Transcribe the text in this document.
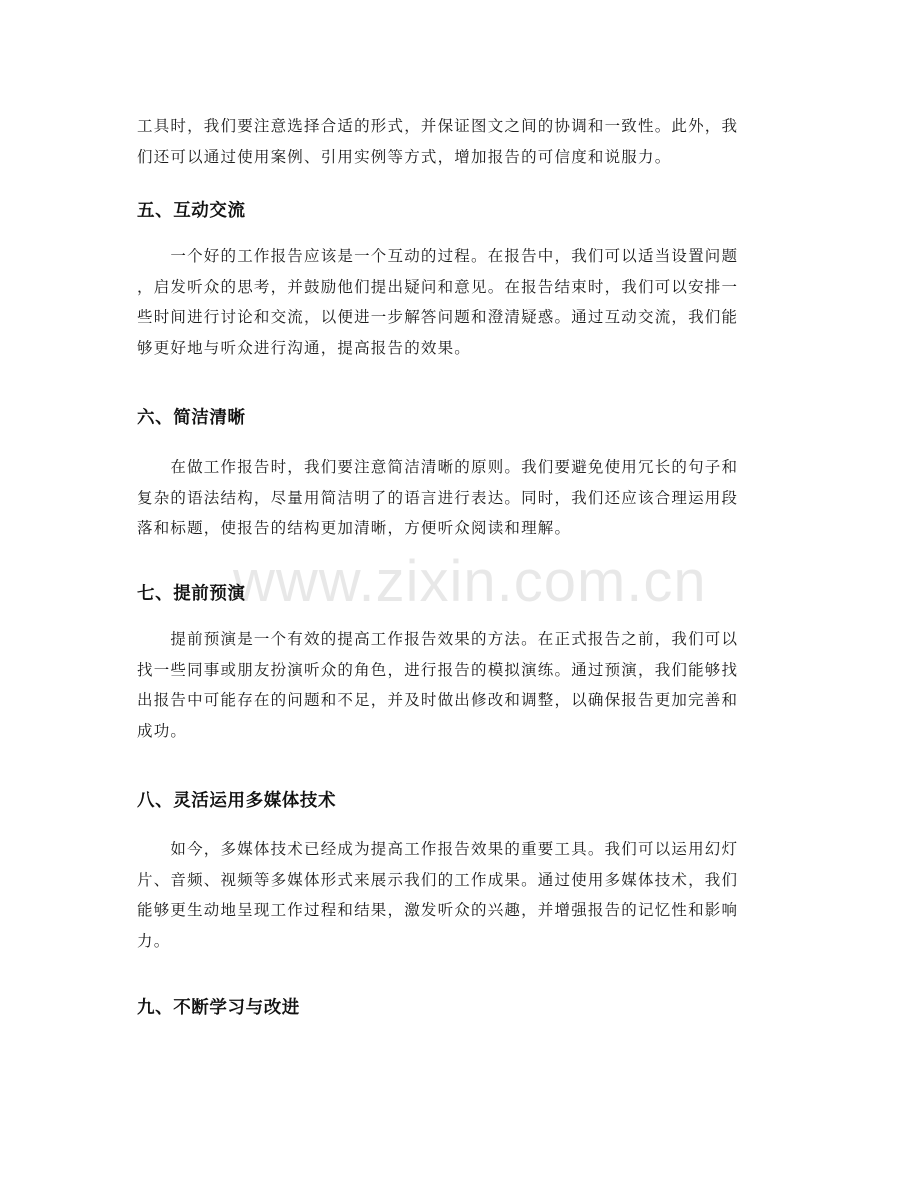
工具时，我们要注意选择合适的形式，并保证图文之间的协调和一致性。此外，我
们还可以通过使用案例、引用实例等方式，增加报告的可信度和说服力。
五、互动交流
　　一个好的工作报告应该是一个互动的过程。在报告中，我们可以适当设置问题
，启发听众的思考，并鼓励他们提出疑问和意见。在报告结束时，我们可以安排一
些时间进行讨论和交流，以便进一步解答问题和澄清疑惑。通过互动交流，我们能
够更好地与听众进行沟通，提高报告的效果。
六、简洁清晰
　　在做工作报告时，我们要注意简洁清晰的原则。我们要避免使用冗长的句子和
复杂的语法结构，尽量用简洁明了的语言进行表达。同时，我们还应该合理运用段
落和标题，使报告的结构更加清晰，方便听众阅读和理解。
七、提前预演
　　提前预演是一个有效的提高工作报告效果的方法。在正式报告之前，我们可以
找一些同事或朋友扮演听众的角色，进行报告的模拟演练。通过预演，我们能够找
出报告中可能存在的问题和不足，并及时做出修改和调整，以确保报告更加完善和
成功。
八、灵活运用多媒体技术
　　如今，多媒体技术已经成为提高工作报告效果的重要工具。我们可以运用幻灯
片、音频、视频等多媒体形式来展示我们的工作成果。通过使用多媒体技术，我们
能够更生动地呈现工作过程和结果，激发听众的兴趣，并增强报告的记忆性和影响
力。
九、不断学习与改进
www.zixin.com.cn
